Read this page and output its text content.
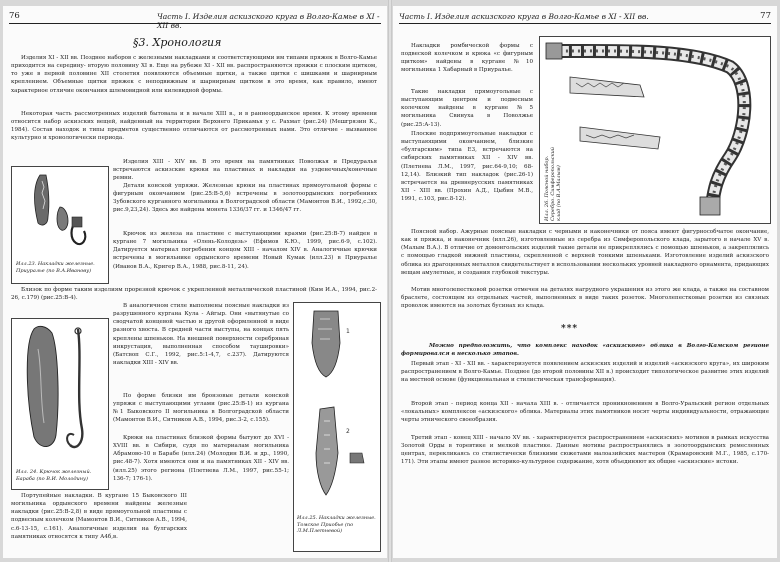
76	Часть I. Изделия аскизского круга в Волго-Камье в XI - XII вв.
§3. Хронология
Изделия XI - XII вв. Позднее наборов с железными накладками и соответствующими им типами пряжек в Волго-Камье приходится на середину- вторую половину XI в. Еще на рубеже XI - XII вв. распространяются пряжки с плоским щитком, то уже в первой половине XII столетия появляются объемные щитки, а также щитки с шишками и шарнирным креплением. Объемные щитки пряжек с неподвижным и шарнирным щитком в это время, как правило, имеют характерное отличие окончания шлемовидной или килевидной формы.
Некоторая часть рассмотренных изделий бытовала и в начале XIII в., и в раннеордынское время. К этому времени относится набор аскизских вещей, найденный на территории Верхнего Прикамья у с. Рахмат (рис.24) (Мешгрязин К., 1984). Состав находок и типы предметов существенно отличаются от рассмотренных нами. Это отличие - вызванное культурно и хронологически периода.
Изделия XIII - XIV вв. В это время на памятниках Поволжья и Предуралья встречаются аскизские крюки на пластинах и накладки на узденечных/конечные ремни.
Детали конской упряжи. Железные крюки на пластинах прямоугольной формы с фигурным окончанием (рис.25:В-5,6) встречены в золотоордынских погребениях Зубовского курганного могильника в Волгоградской области (Мамонтов В.И., 1992,с.30, рис.9,23,24). Здесь же найдена монета 1336/37 гг. и 1346/47 гг.
Крючок из железа на пластине с выступающими краями (рис.25:В-7) найден в кургане 7 могильника «Олень-Колодезь» (Ефимов К.Ю., 1999, рис.6-9, с.102). Датируется материал погребения концом XIII - началом XIV в. Аналогичные крючки встречены в могильнике ордынского времени Новый Кумак (илл.23) в Приуралье (Иванов В.А., Кригер В.А., 1988, рис.8-11, 24).
Близок по форме таким изделиям прорезной крючок с укрепленной металлической пластиной (Ким И.А., 1994, рис.2-26, с.179) (рис.25:В-4).
В аналогичном стиле выполнены поясные накладки из разрушенного кургана Кула - Айгыр. Они «вытянутые со сводчатой концевой частью и другой оформленной в виде разного хвоста. В средней части выступы, на концах пять креплены шпеньков. На внешней поверхности серебряная инкрустация, выполненная способом таушировки» (Батсвоп С.Г., 1992, рис.5:1-4,7, с.237). Датируются накладки XIII - XIV вв.
По форме близки им бронзовые детали конской упряжи с выступающими углами (рис.25:В-1) из кургана №1 Быковского II могильника в Волгоградской области (Мамонтов В.И., Ситников А.В., 1994, рис.3-2, с.155).
Крюки на пластинах близкой формы бытуют до XVI - XVIII вв. в Сибири, судя по материалам могильника Абрамово-10 в Барабе (илл.24) (Молодин В.И. и др., 1990, рис.48-7). Хотя имеются они и на памятниках XII - XIV вв. (илл.25) этого региона (Плетнева Л.М., 1997, рис.55-1; 136-7; 176-1).
Портупейные накладки. В кургане 15 Быковского III могильника ордынского времени найдены железные накладки (рис.25:В-2,8) в виде прямоугольной пластины с подвесным колечком (Мамонтов В.И., Ситников А.В., 1994, с.6-13-15, с.161). Аналогичные изделия на булгарских памятниках относятся к типу А4б,в.
Илл.23. Накладки железные. Приуралье (по В.А.Иванову)
Илл. 24. Крючок железный. Бараба (по В.И. Молодину)
1
2
Илл.25. Накладки железные. Томское Приобье (по Л.М.Плетневой)
Часть I. Изделия аскизского круга в Волго-Камье в XI - XII вв.	77
Накладки ромбической формы с подвеской колечком и крюка «с фигурным щитком» найдены в кургане №10 могильника 1 Хабарный в Приуралье.
Такие накладки прямоугольные с выступающим центром и подвесным колечком найдены в кургане №5 могильника Свинуха в Поволжье (рис.25:А-13).
Плоские подпрямоугольные накладки с выступающими окончанием, близкие «булгарским» типа Е3, встречаются на сибирских памятниках XII - XIV вв. (Плетнева Л.М., 1997, рис.64-9,10; 68-12,14). Близкий тип накладок (рис.26-1) встречается на древнерусских памятниках XII - XIII вв. (Прохин А.Д., Цыбин М.В., 1991, с.103, рис.8-12).
Поясной набор. Ажурные поясные накладки с черными и наконечники от пояса имеют фигурнособчатое окончание, как и пряжка, и наконечник (илл.26), изготовленные из серебра из Симферопольского клада, зарытого в начале XV в. (Малым В.А.). В отличие от домонгольских изделий такие детали не прикреплялись с помощью шпеньков, а закреплялись с помощью гладкой нижней пластины, скрепленной с верхней тонкими шпеньками. Изготовление изделий аскизского облика из драгоценных металлов свидетельствует в использовании нескольких уровней накладного орнамента, придающих вещам амулетные, и создания глубокой текстуры.
Мотив многолепестковой розетки отмечен на деталях нагрудного украшения из этого же клада, а также на составном браслете, состоящем из отдельных частей, выполненных в виде таких розеток. Многолепестковые розетки из связных проволок имеются на золотых бусинах из клада.
Илл. 26. Поясной набор. Серебро. Симферопольский клад (по В.А.Малым)
***
Можно предположить, что комплекс находок «аскизского» облика в Волго-Камском регионе формировался в несколько этапов.
Первый этап - XI - XII вв. - характеризуется появлением аскизских изделий и изделий «аскизского круга», их широким распространением в Волго-Камье. Позднее (до второй половины XII в.) происходит типологическое развитие этих изделий на местной основе (функциональная и стилистическая трансформация).
Второй этап - период конца XII - начала XIII в. - отличается проникновением в Волго-Уральский регион отдельных «локальных» комплексов «аскизского» облика. Материалы этих памятников носят черты индивидуальности, отражающие черты этнического своеобразия.
Третий этап - конец XIII - начало XV вв. - характеризуется распространением «аскизских» мотивов в рамках искусства Золотой Орды в торевтике и мелкой пластике. Данные мотивы распространялись в золотоордынских ремесленных центрах, перекликаясь со стилистически близкими сюжетами малоазийских мастеров (Крамаровский М.Г., 1985, с.170-171). Эти этапы имеют разное историко-культурное содержание, хотя объединяют их общие «аскизские» истоки.
